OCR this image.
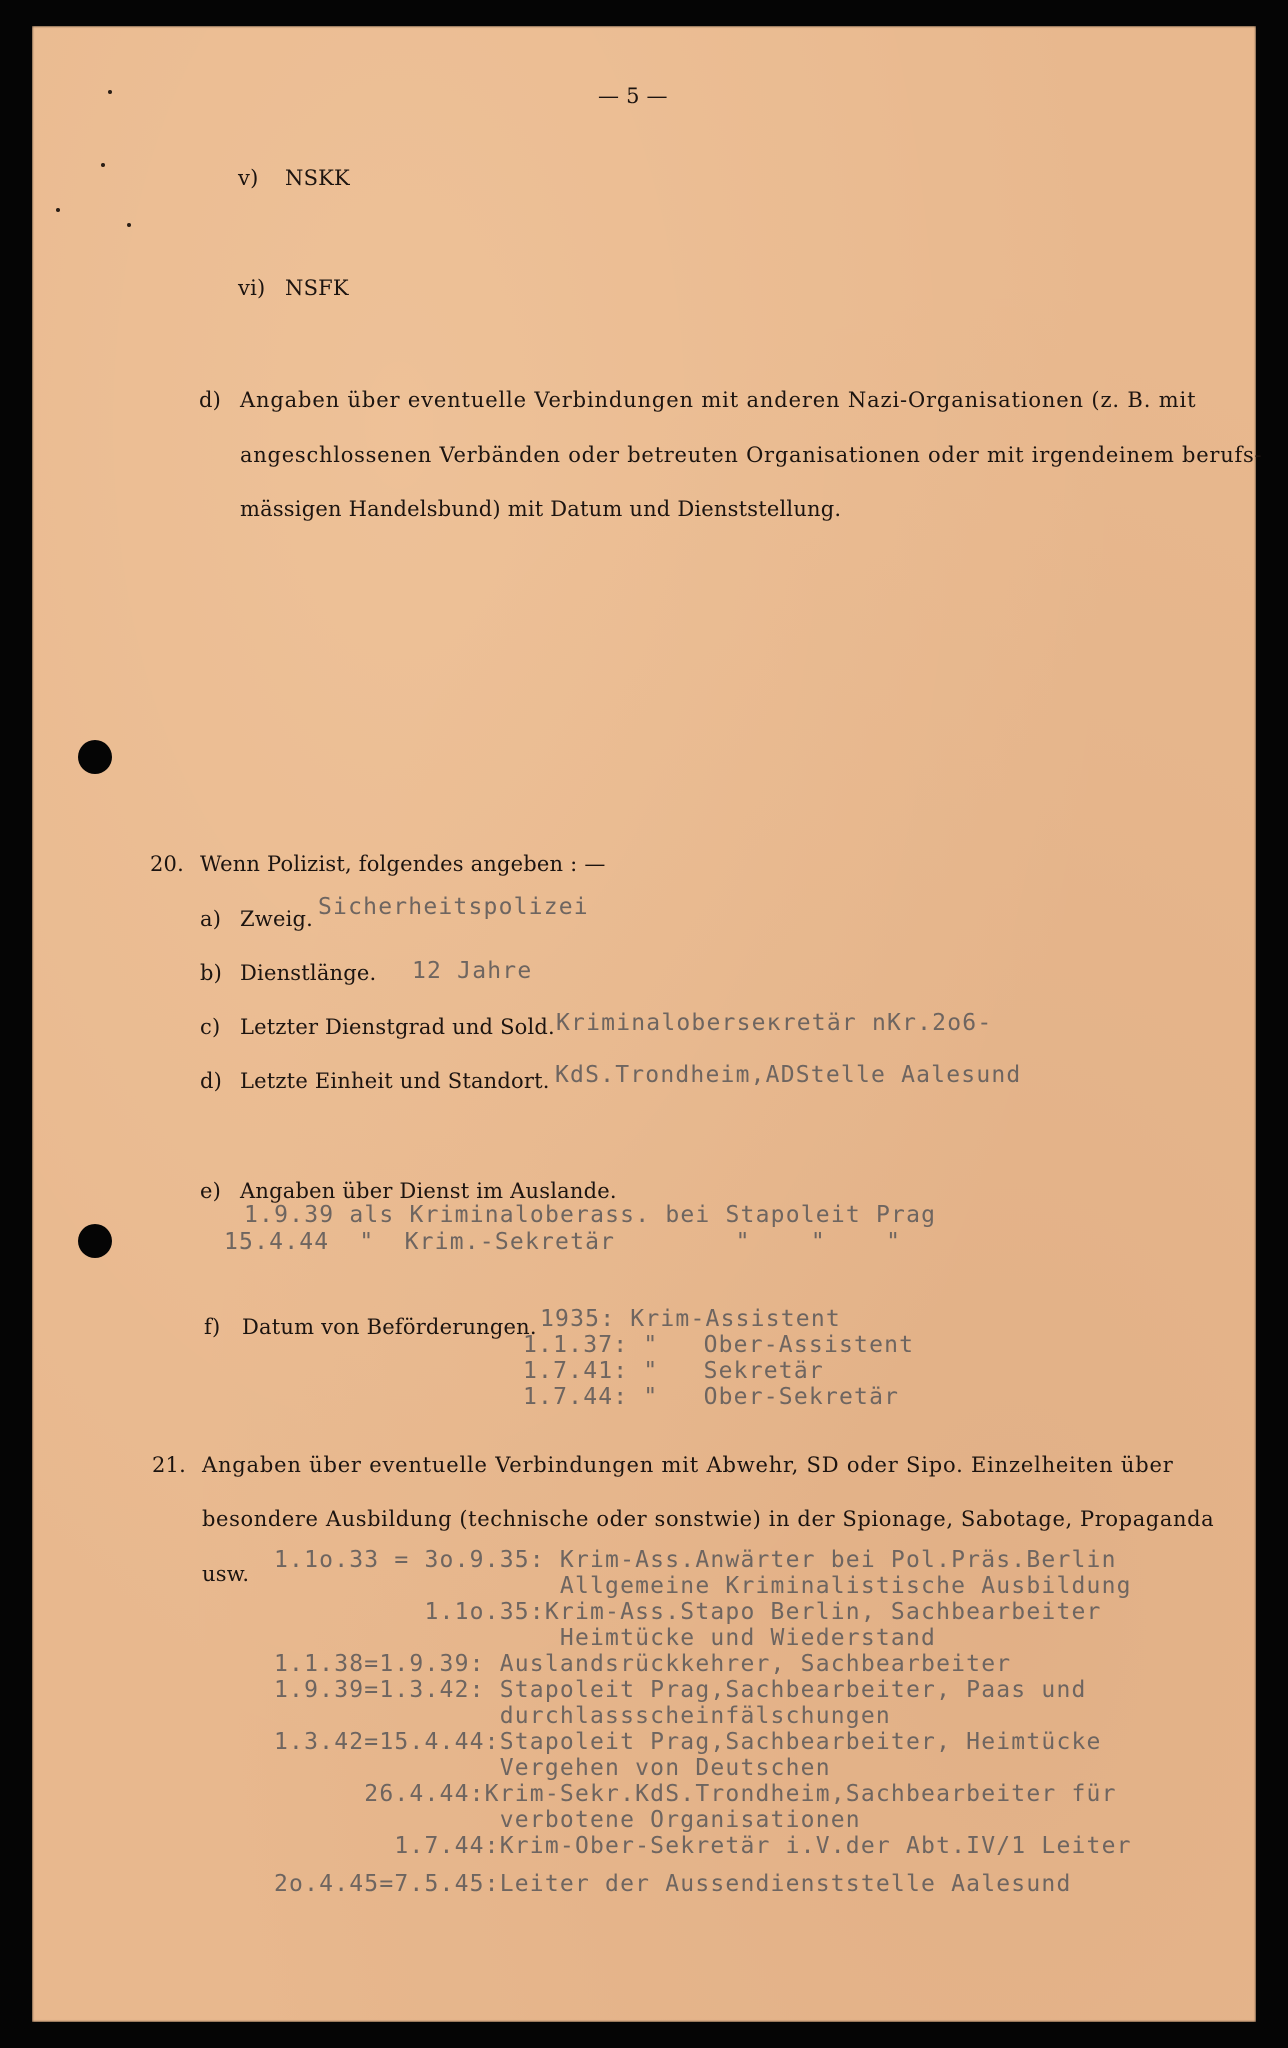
— 5 —
v) NSKK
vi) NSFK
d) Angaben über eventuelle Verbindungen mit anderen Nazi-Organisationen (z. B. mit
angeschlossenen Verbänden oder betreuten Organisationen oder mit irgendeinem berufs-
mässigen Handelsbund) mit Datum und Dienststellung.
20. Wenn Polizist, folgendes angeben : —
a) Zweig. Sicherheitspolizei
b) Dienstlänge. 12 Jahre
c) Letzter Dienstgrad und Sold. Kriminaloberseкretär nKr.2o6-
d) Letzte Einheit und Standort. KdS.Trondheim,ADStelle Aalesund
e) Angaben über Dienst im Auslande.
1.9.39 als Kriminaloberass. bei Stapoleit Prag
15.4.44  "  Krim.-Sekretär        "    "    "
f) Datum von Beförderungen. 1935: Krim-Assistent
1.1.37: "   Ober-Assistent
1.7.41: "   Sekretär
1.7.44: "   Ober-Sekretär
21. Angaben über eventuelle Verbindungen mit Abwehr, SD oder Sipo. Einzelheiten über
besondere Ausbildung (technische oder sonstwie) in der Spionage, Sabotage, Propaganda
usw.
1.1o.33 = 3o.9.35: Krim-Ass.Anwärter bei Pol.Präs.Berlin
Allgemeine Kriminalistische Ausbildung
1.1o.35:Krim-Ass.Stapo Berlin, Sachbearbeiter
Heimtücke und Wiederstand
1.1.38=1.9.39: Auslandsrückkehrer, Sachbearbeiter
1.9.39=1.3.42: Stapoleit Prag,Sachbearbeiter, Paas und
durchlassscheinfälschungen
1.3.42=15.4.44:Stapoleit Prag,Sachbearbeiter, Heimtücke
Vergehen von Deutschen
26.4.44:Krim-Sekr.KdS.Trondheim,Sachbearbeiter für
verbotene Organisationen
1.7.44:Krim-Ober-Sekretär i.V.der Abt.IV/1 Leiter
2o.4.45=7.5.45:Leiter der Aussendienststelle Aalesund
